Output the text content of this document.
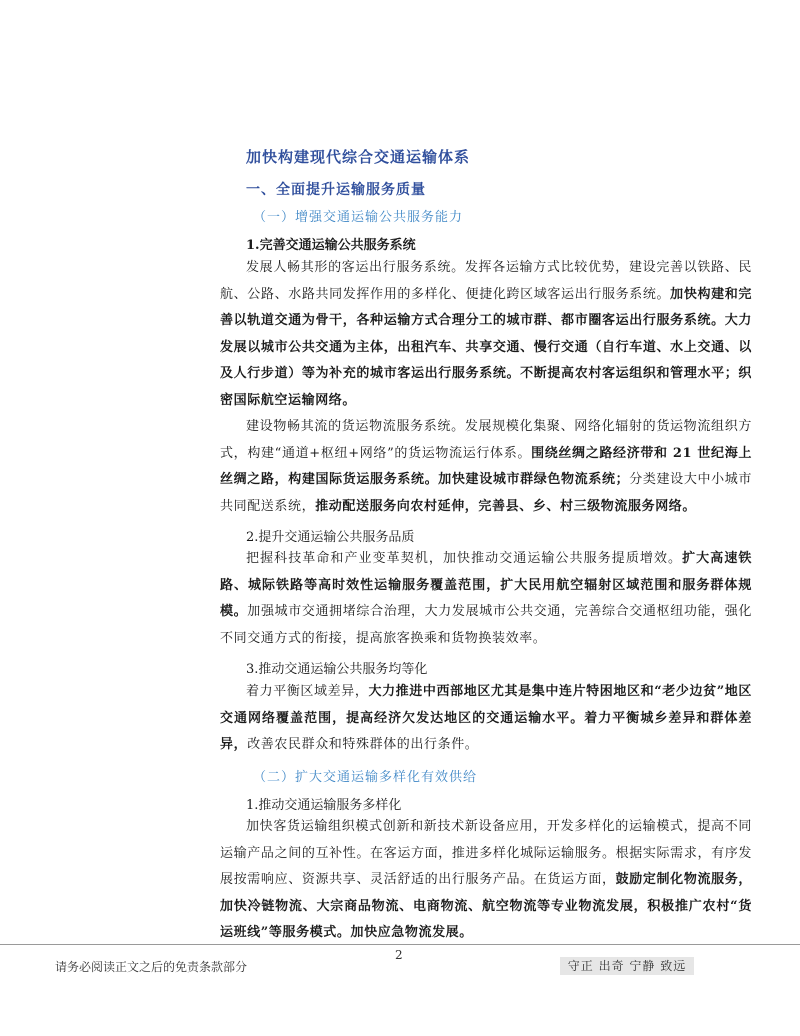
加快构建现代综合交通运输体系
一、全面提升运输服务质量
（一）增强交通运输公共服务能力
1.完善交通运输公共服务系统
发展人畅其形的客运出行服务系统。发挥各运输方式比较优势，建设完善以铁路、民航、公路、水路共同发挥作用的多样化、便捷化跨区域客运出行服务系统。加快构建和完善以轨道交通为骨干，各种运输方式合理分工的城市群、都市圈客运出行服务系统。大力发展以城市公共交通为主体，出租汽车、共享交通、慢行交通（自行车道、水上交通、以及人行步道）等为补充的城市客运出行服务系统。不断提高农村客运组织和管理水平；织密国际航空运输网络。
建设物畅其流的货运物流服务系统。发展规模化集聚、网络化辐射的货运物流组织方式，构建“通道+枢纽+网络”的货运物流运行体系。围绕丝绸之路经济带和 21 世纪海上丝绸之路，构建国际货运服务系统。加快建设城市群绿色物流系统；分类建设大中小城市共同配送系统，推动配送服务向农村延伸，完善县、乡、村三级物流服务网络。
2.提升交通运输公共服务品质
把握科技革命和产业变革契机，加快推动交通运输公共服务提质增效。扩大高速铁路、城际铁路等高时效性运输服务覆盖范围，扩大民用航空辐射区域范围和服务群体规模。加强城市交通拥堵综合治理，大力发展城市公共交通，完善综合交通枢纽功能，强化不同交通方式的衔接，提高旅客换乘和货物换装效率。
3.推动交通运输公共服务均等化
着力平衡区域差异，大力推进中西部地区尤其是集中连片特困地区和“老少边贫”地区交通网络覆盖范围，提高经济欠发达地区的交通运输水平。着力平衡城乡差异和群体差异，改善农民群众和特殊群体的出行条件。
（二）扩大交通运输多样化有效供给
1.推动交通运输服务多样化
加快客货运输组织模式创新和新技术新设备应用，开发多样化的运输模式，提高不同运输产品之间的互补性。在客运方面，推进多样化城际运输服务。根据实际需求，有序发展按需响应、资源共享、灵活舒适的出行服务产品。在货运方面，鼓励定制化物流服务，加快冷链物流、大宗商品物流、电商物流、航空物流等专业物流发展，积极推广农村“货运班线”等服务模式。加快应急物流发展。
2
请务必阅读正文之后的免责条款部分	守正 出奇 宁静 致远
